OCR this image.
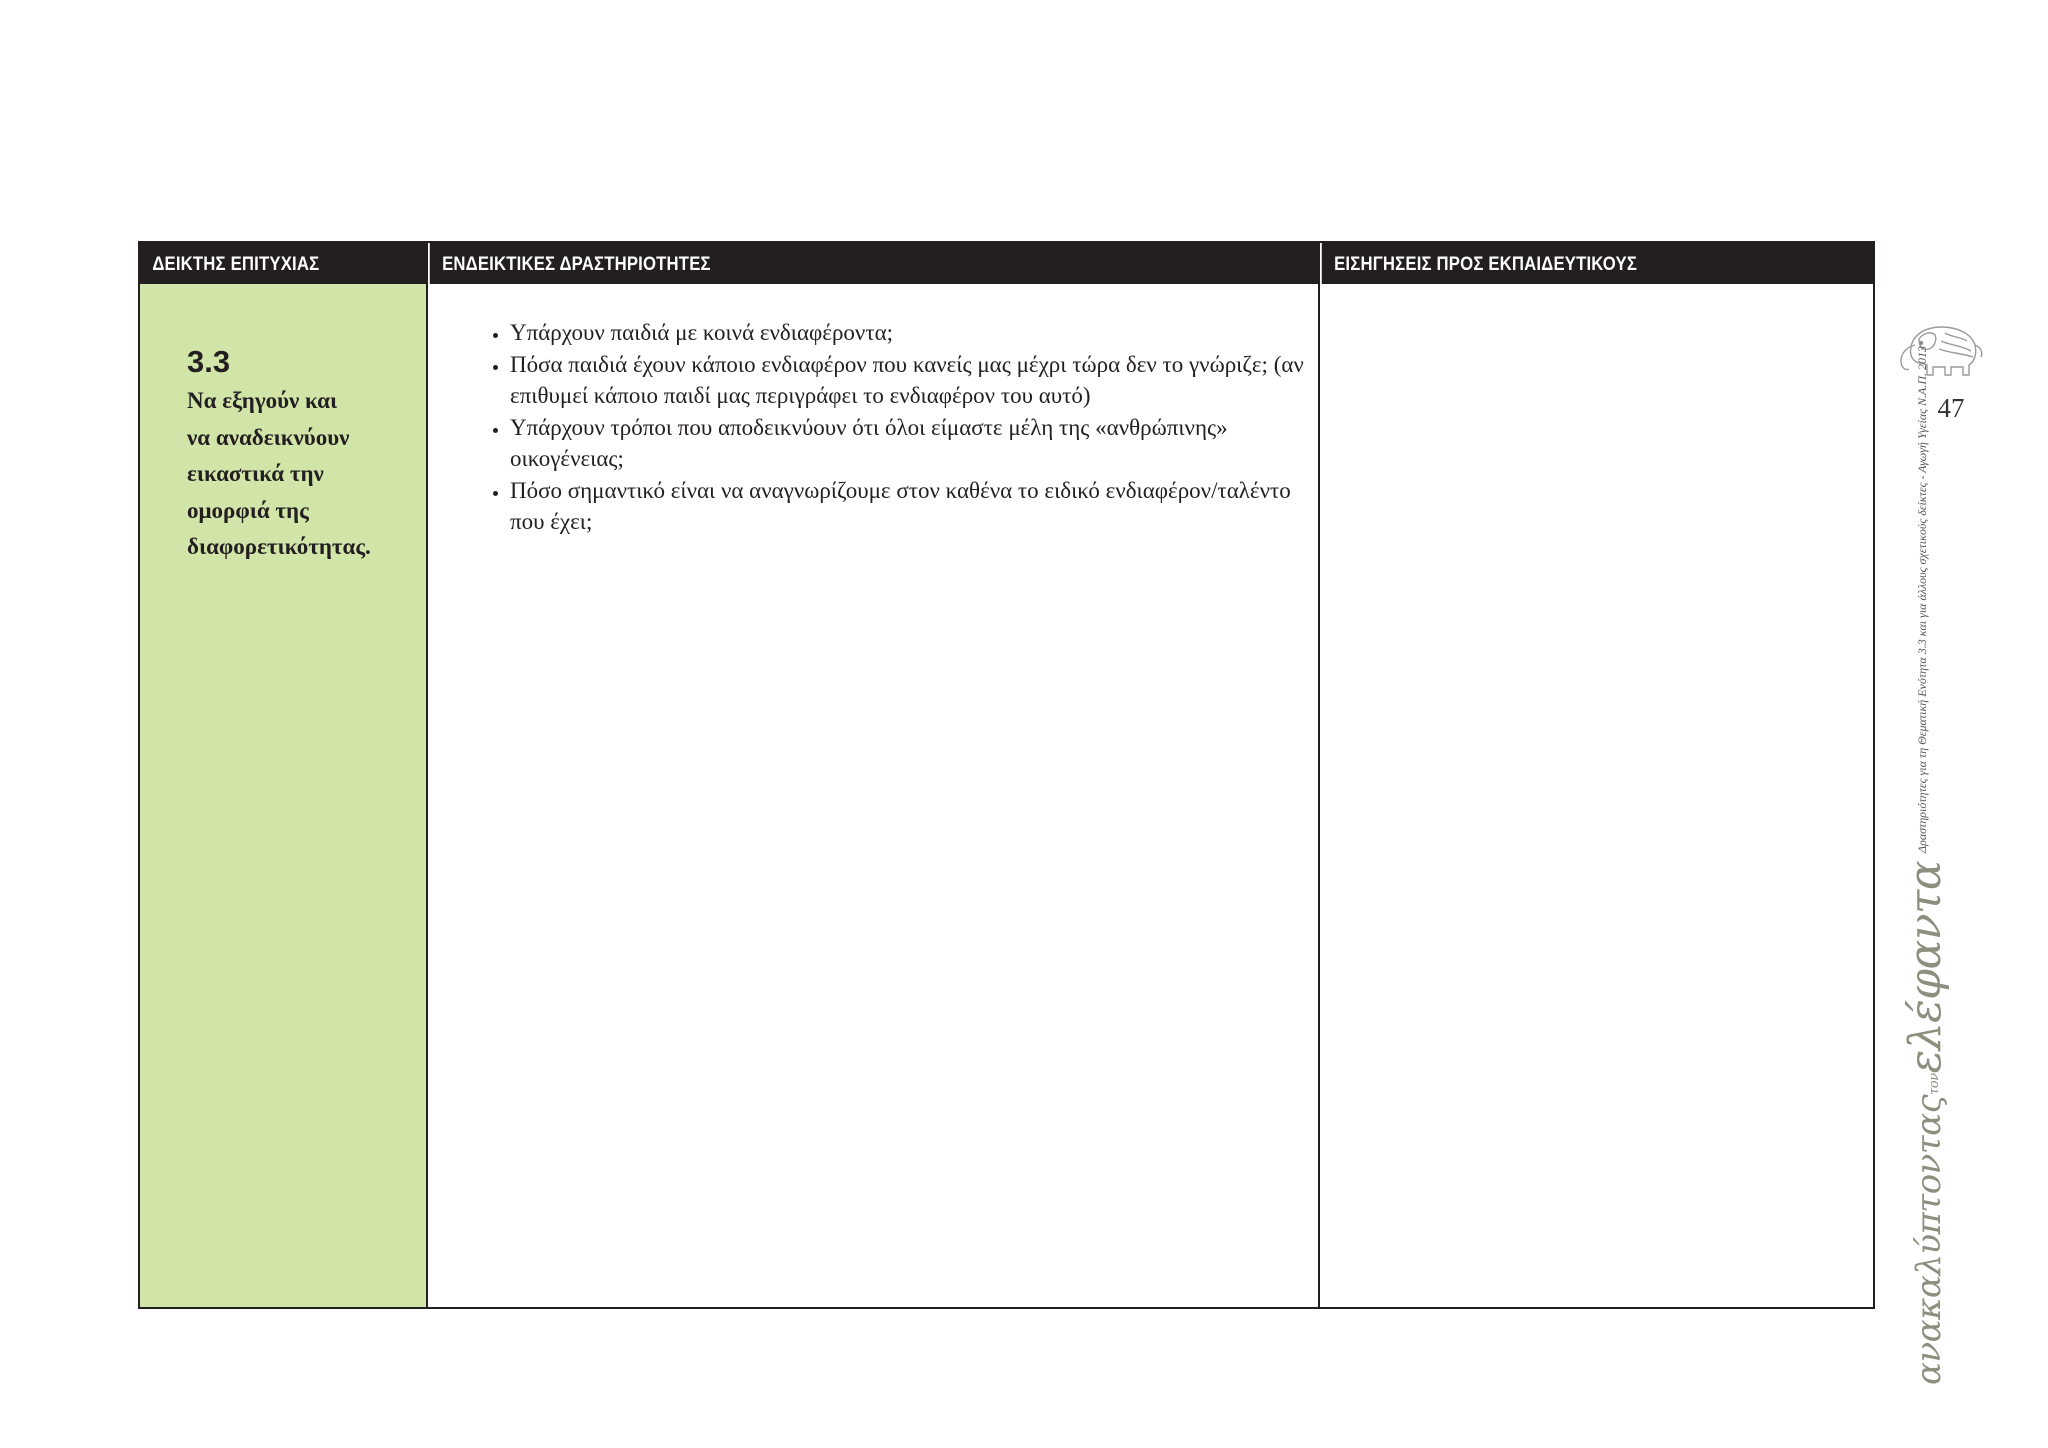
ΔΕΙΚΤΗΣ ΕΠΙΤΥΧΙΑΣ	ΕΝΔΕΙΚΤΙΚΕΣ ΔΡΑΣΤΗΡΙΟΤΗΤΕΣ	ΕΙΣΗΓΗΣΕΙΣ ΠΡΟΣ ΕΚΠΑΙΔΕΥΤΙΚΟΥΣ
3.3
Να εξηγούν και
να αναδεικνύουν
εικαστικά την
ομορφιά της
διαφορετικότητας.
• Υπάρχουν παιδιά με κοινά ενδιαφέροντα;
• Πόσα παιδιά έχουν κάποιο ενδιαφέρον που κανείς μας μέχρι τώρα δεν το γνώριζε; (αν επιθυμεί κάποιο παιδί μας περιγράφει το ενδιαφέρον του αυτό)
• Υπάρχουν τρόποι που αποδεικνύουν ότι όλοι είμαστε μέλη της «ανθρώπινης» οικογένειας;
• Πόσο σημαντικό είναι να αναγνωρίζουμε στον καθένα το ειδικό ενδιαφέρον/ταλέντο που έχει;
47
ανακαλύπτονταςτονελέφαντα$^{\Delta\rho\alpha\sigma\tau\eta\rho\iota ό\tau\eta\tau\varepsilon\varsigma \gamma\iota\alpha \tau\eta \Theta\varepsilon\mu\alpha\tau\iota\kappa ή E\nu ό\tau\eta\tau\alpha 3.3 \kappa\alpha\iota \gamma\iota\alpha ά\lambda\lambda o\upsilon\varsigma \sigma\chi\varepsilon\tau\iota\kappa oύ\varsigma \delta\varepsilon ί\kappa\tau\varepsilon\varsigma - A\gamma\omega\gamma ή \Upsilon\gamma\varepsilon ί\alpha\varsigma N.A.\Pi. 2013}$
